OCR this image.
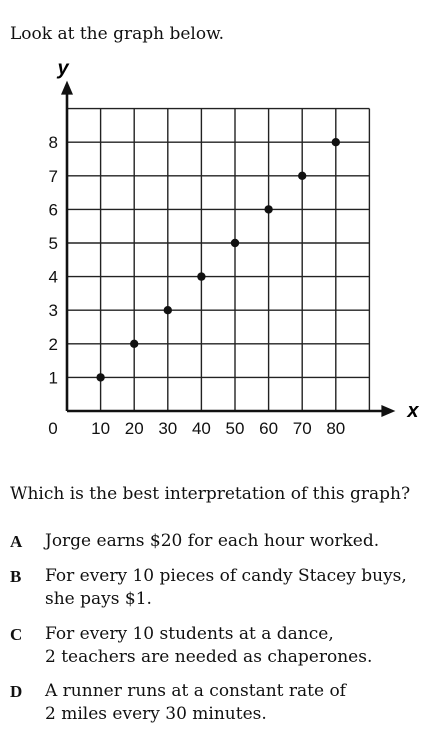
Look at the graph below.
x
y
10 20 30 40 50 60 70 80
1
2
3
4
5
6
7
8
0
Which is the best interpretation of this graph?
A Jorge earns $20 for each hour worked.
B For every 10 pieces of candy Stacey buys,
she pays $1.
C For every 10 students at a dance,
2 teachers are needed as chaperones.
D A runner runs at a constant rate of
2 miles every 30 minutes.
